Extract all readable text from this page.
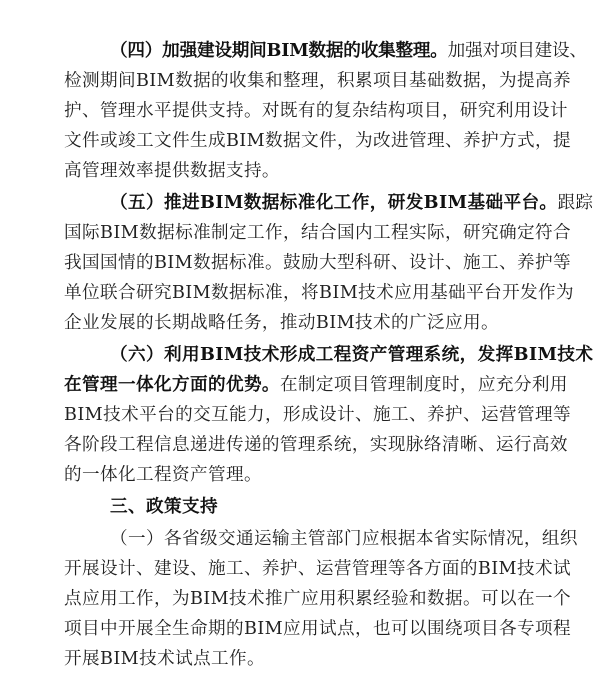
（四）加强建设期间BIM数据的收集整理。加强对项目建设、
检测期间BIM数据的收集和整理，积累项目基础数据，为提高养
护、管理水平提供支持。对既有的复杂结构项目，研究利用设计
文件或竣工文件生成BIM数据文件，为改进管理、养护方式，提
高管理效率提供数据支持。
（五）推进BIM数据标准化工作，研发BIM基础平台。跟踪
国际BIM数据标准制定工作，结合国内工程实际，研究确定符合
我国国情的BIM数据标准。鼓励大型科研、设计、施工、养护等
单位联合研究BIM数据标准，将BIM技术应用基础平台开发作为
企业发展的长期战略任务，推动BIM技术的广泛应用。
（六）利用BIM技术形成工程资产管理系统，发挥BIM技术
在管理一体化方面的优势。在制定项目管理制度时，应充分利用
BIM技术平台的交互能力，形成设计、施工、养护、运营管理等
各阶段工程信息递进传递的管理系统，实现脉络清晰、运行高效
的一体化工程资产管理。
三、政策支持
（一）各省级交通运输主管部门应根据本省实际情况，组织
开展设计、建设、施工、养护、运营管理等各方面的BIM技术试
点应用工作，为BIM技术推广应用积累经验和数据。可以在一个
项目中开展全生命期的BIM应用试点，也可以围绕项目各专项程
开展BIM技术试点工作。
